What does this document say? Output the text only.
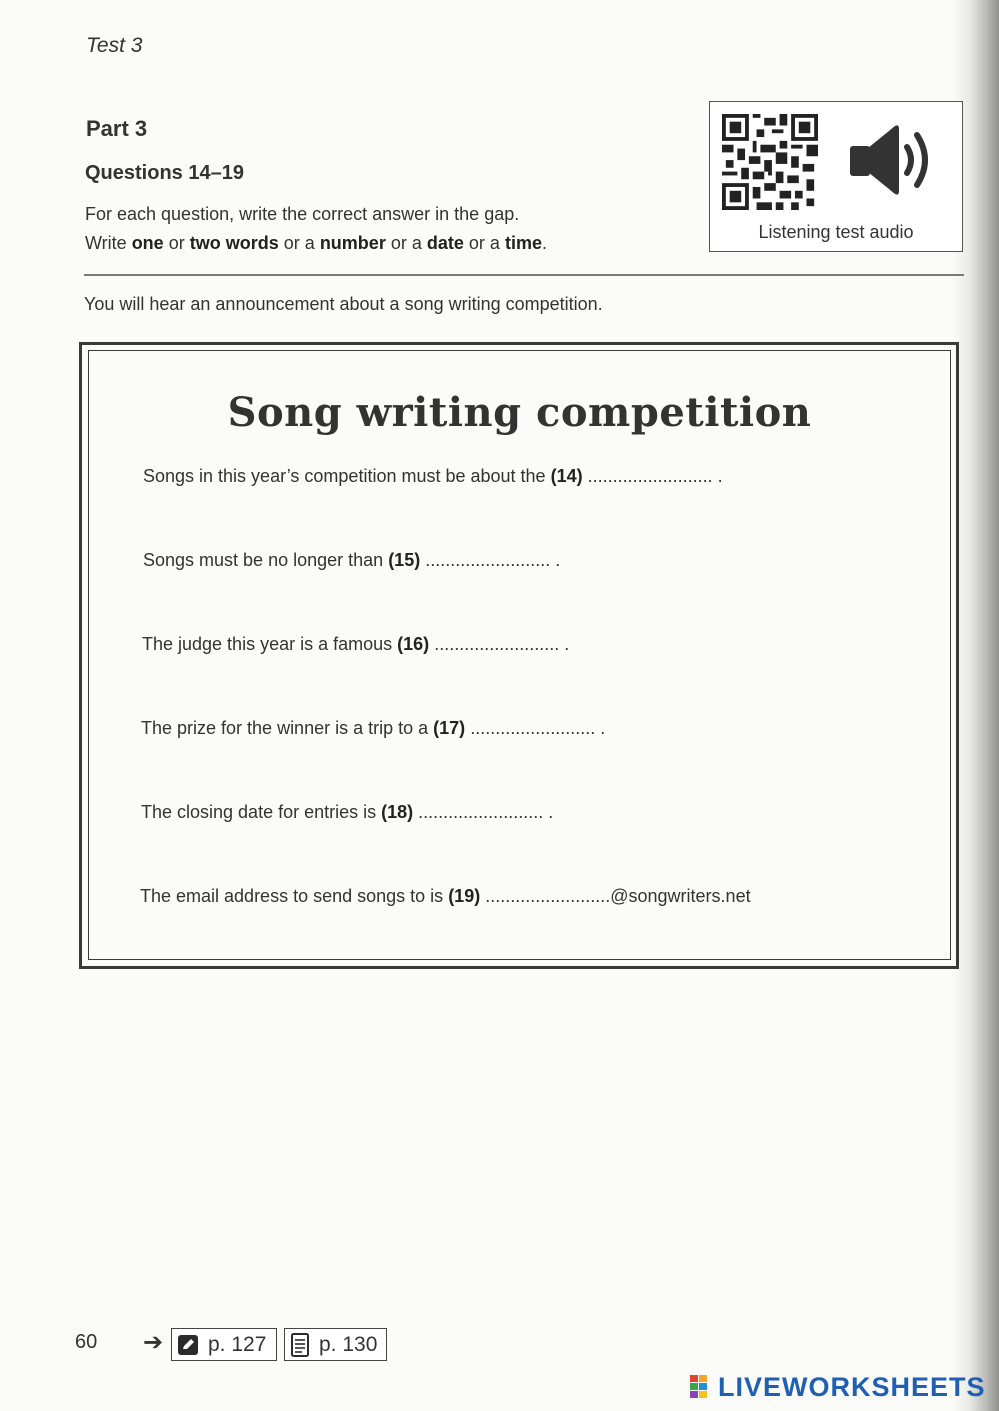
Test 3
Part 3
Questions 14–19
For each question, write the correct answer in the gap.
Write one or two words or a number or a date or a time.
Listening test audio
You will hear an announcement about a song writing competition.
Song writing competition
Songs in this year’s competition must be about the (14) ......................... .
Songs must be no longer than (15) ......................... .
The judge this year is a famous (16) ......................... .
The prize for the winner is a trip to a (17) ......................... .
The closing date for entries is (18) ......................... .
The email address to send songs to is (19) .........................@songwriters.net
60 ➔ p. 127	p. 130
LIVEWORKSHEETS
